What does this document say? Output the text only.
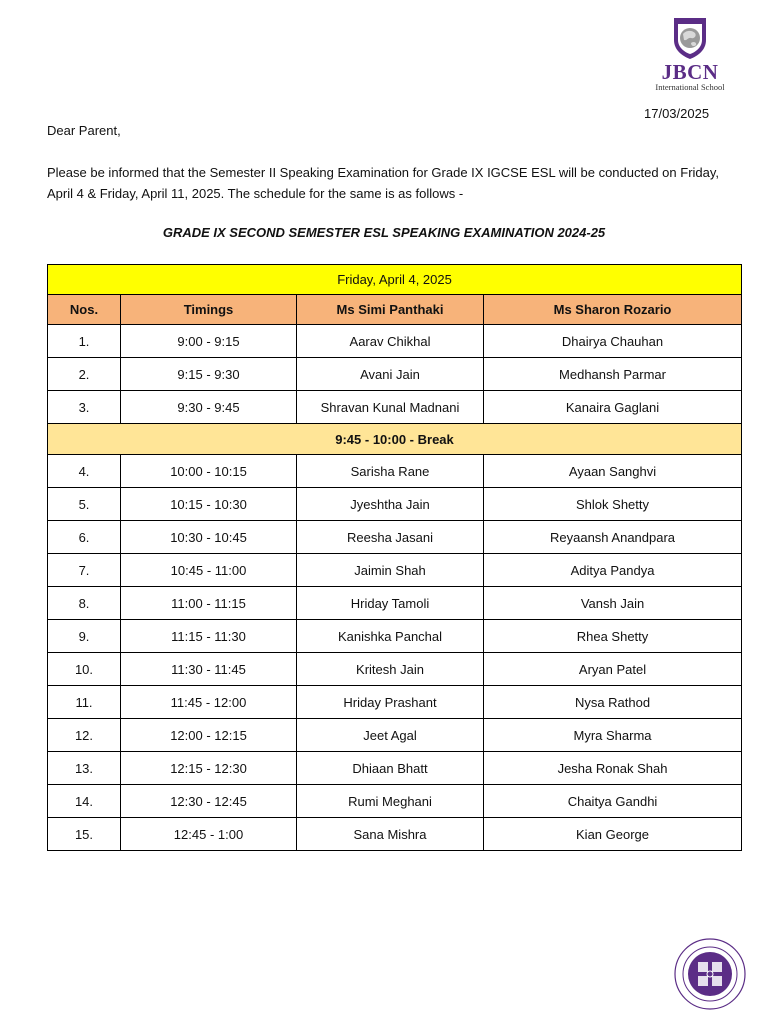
JBCN
International School
17/03/2025
Dear Parent,
Please be informed that the Semester II Speaking Examination for Grade IX IGCSE ESL will be conducted on Friday, April 4 & Friday, April 11, 2025. The schedule for the same is as follows -
GRADE IX SECOND SEMESTER ESL SPEAKING EXAMINATION 2024-25
Friday, April 4, 2025			
Nos.	Timings	Ms Simi Panthaki	Ms Sharon Rozario
1.	9:00 - 9:15	Aarav Chikhal	Dhairya Chauhan
2.	9:15 - 9:30	Avani Jain	Medhansh Parmar
3.	9:30 - 9:45	Shravan Kunal Madnani	Kanaira Gaglani
9:45 - 10:00 - Break			
4.	10:00 - 10:15	Sarisha Rane	Ayaan Sanghvi
5.	10:15 - 10:30	Jyeshtha Jain	Shlok Shetty
6.	10:30 - 10:45	Reesha Jasani	Reyaansh Anandpara
7.	10:45 - 11:00	Jaimin Shah	Aditya Pandya
8.	11:00 - 11:15	Hriday Tamoli	Vansh Jain
9.	11:15 - 11:30	Kanishka Panchal	Rhea Shetty
10.	11:30 - 11:45	Kritesh Jain	Aryan Patel
11.	11:45 - 12:00	Hriday Prashant	Nysa Rathod
12.	12:00 - 12:15	Jeet Agal	Myra Sharma
13.	12:15 - 12:30	Dhiaan Bhatt	Jesha Ronak Shah
14.	12:30 - 12:45	Rumi Meghani	Chaitya Gandhi
15.	12:45 - 1:00	Sana Mishra	Kian George
